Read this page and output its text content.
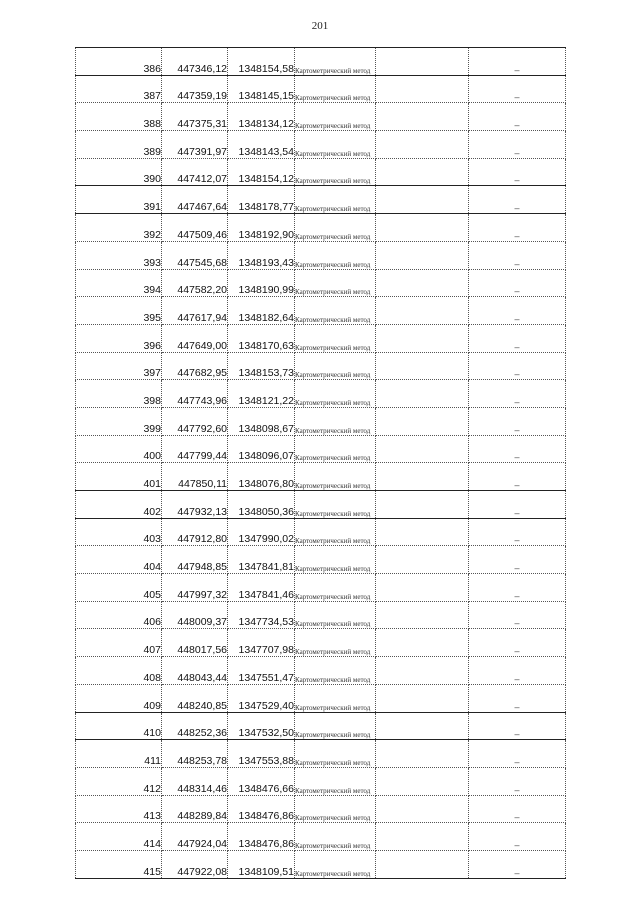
201
386	447346,12	1348154,58	Картометрический метод		–
387	447359,19	1348145,15	Картометрический метод		–
388	447375,31	1348134,12	Картометрический метод		–
389	447391,97	1348143,54	Картометрический метод		–
390	447412,07	1348154,12	Картометрический метод		–
391	447467,64	1348178,77	Картометрический метод		–
392	447509,46	1348192,90	Картометрический метод		–
393	447545,68	1348193,43	Картометрический метод		–
394	447582,20	1348190,99	Картометрический метод		–
395	447617,94	1348182,64	Картометрический метод		–
396	447649,00	1348170,63	Картометрический метод		–
397	447682,95	1348153,73	Картометрический метод		–
398	447743,96	1348121,22	Картометрический метод		–
399	447792,60	1348098,67	Картометрический метод		–
400	447799,44	1348096,07	Картометрический метод		–
401	447850,11	1348076,80	Картометрический метод		–
402	447932,13	1348050,36	Картометрический метод		–
403	447912,80	1347990,02	Картометрический метод		–
404	447948,85	1347841,81	Картометрический метод		–
405	447997,32	1347841,46	Картометрический метод		–
406	448009,37	1347734,53	Картометрический метод		–
407	448017,56	1347707,98	Картометрический метод		–
408	448043,44	1347551,47	Картометрический метод		–
409	448240,85	1347529,40	Картометрический метод		–
410	448252,36	1347532,50	Картометрический метод		–
411	448253,78	1347553,88	Картометрический метод		–
412	448314,46	1348476,66	Картометрический метод		–
413	448289,84	1348476,86	Картометрический метод		–
414	447924,04	1348476,86	Картометрический метод		–
415	447922,08	1348109,51	Картометрический метод		–
